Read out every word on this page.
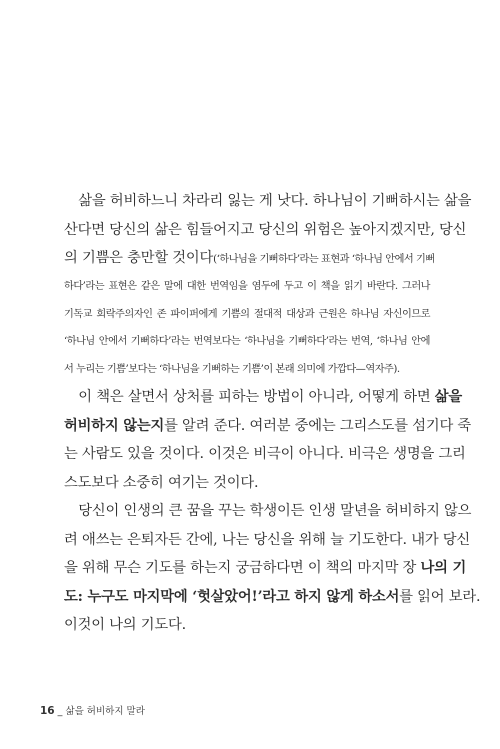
삶을 허비하느니 차라리 잃는 게 낫다. 하나님이 기뻐하시는 삶을
산다면 당신의 삶은 힘들어지고 당신의 위험은 높아지겠지만, 당신
의 기쁨은 충만할 것이다(‘하나님을 기뻐하다’라는 표현과 ‘하나님 안에서 기뻐
하다’라는 표현은 같은 말에 대한 번역임을 염두에 두고 이 책을 읽기 바란다. 그러나
기독교 희락주의자인 존 파이퍼에게 기쁨의 절대적 대상과 근원은 하나님 자신이므로
‘하나님 안에서 기뻐하다’라는 번역보다는 ‘하나님을 기뻐하다’라는 번역, ‘하나님 안에
서 누리는 기쁨’보다는 ‘하나님을 기뻐하는 기쁨’이 본래 의미에 가깝다—역자주).
이 책은 살면서 상처를 피하는 방법이 아니라, 어떻게 하면 삶을
허비하지 않는지를 알려 준다. 여러분 중에는 그리스도를 섬기다 죽
는 사람도 있을 것이다. 이것은 비극이 아니다. 비극은 생명을 그리
스도보다 소중히 여기는 것이다.
당신이 인생의 큰 꿈을 꾸는 학생이든 인생 말년을 허비하지 않으
려 애쓰는 은퇴자든 간에, 나는 당신을 위해 늘 기도한다. 내가 당신
을 위해 무슨 기도를 하는지 궁금하다면 이 책의 마지막 장 나의 기
도: 누구도 마지막에 ‘헛살았어!’라고 하지 않게 하소서를 읽어 보라.
이것이 나의 기도다.
16 _ 삶을 허비하지 말라
